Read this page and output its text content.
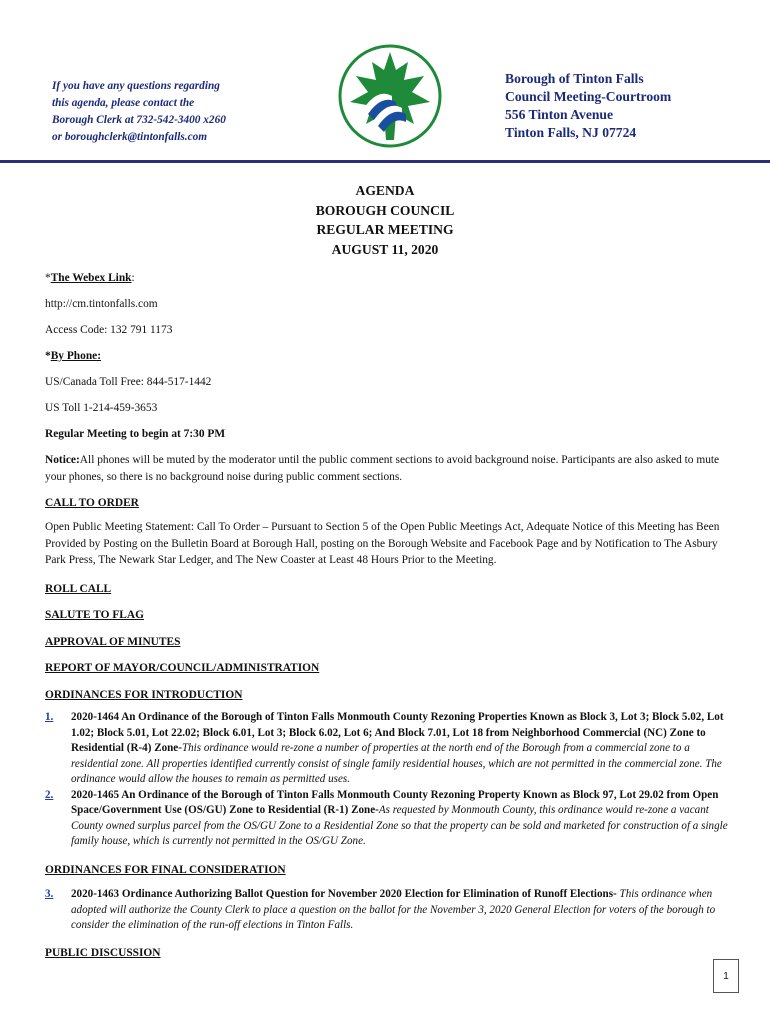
If you have any questions regarding
this agenda, please contact the
Borough Clerk at 732-542-3400 x260
or boroughclerk@tintonfalls.com
Borough of Tinton Falls
Council Meeting-Courtroom
556 Tinton Avenue
Tinton Falls, NJ 07724
AGENDA
BOROUGH COUNCIL
REGULAR MEETING
AUGUST 11, 2020
*The Webex Link:
http://cm.tintonfalls.com
Access Code: 132 791 1173
*By Phone:
US/Canada Toll Free: 844-517-1442
US Toll 1-214-459-3653
Regular Meeting to begin at 7:30 PM
Notice:All phones will be muted by the moderator until the public comment sections to avoid background noise. Participants are also asked to mute your phones, so there is no background noise during public comment sections.
CALL TO ORDER
Open Public Meeting Statement: Call To Order – Pursuant to Section 5 of the Open Public Meetings Act, Adequate Notice of this Meeting has Been Provided by Posting on the Bulletin Board at Borough Hall, posting on the Borough Website and Facebook Page and by Notification to The Asbury Park Press, The Newark Star Ledger, and The New Coaster at Least 48 Hours Prior to the Meeting.
ROLL CALL
SALUTE TO FLAG
APPROVAL OF MINUTES
REPORT OF MAYOR/COUNCIL/ADMINISTRATION
ORDINANCES FOR INTRODUCTION
1. 2020-1464 An Ordinance of the Borough of Tinton Falls Monmouth County Rezoning Properties Known as Block 3, Lot 3; Block 5.02, Lot 1.02; Block 5.01, Lot 22.02; Block 6.01, Lot 3; Block 6.02, Lot 6; And Block 7.01, Lot 18 from Neighborhood Commercial (NC) Zone to Residential (R-4) Zone-This ordinance would re-zone a number of properties at the north end of the Borough from a commercial zone to a residential zone. All properties identified currently consist of single family residential houses, which are not permitted in the commercial zone. The ordinance would allow the houses to remain as permitted uses.
2. 2020-1465 An Ordinance of the Borough of Tinton Falls Monmouth County Rezoning Property Known as Block 97, Lot 29.02 from Open Space/Government Use (OS/GU) Zone to Residential (R-1) Zone-As requested by Monmouth County, this ordinance would re-zone a vacant County owned surplus parcel from the OS/GU Zone to a Residential Zone so that the property can be sold and marketed for construction of a single family house, which is currently not permitted in the OS/GU Zone.
ORDINANCES FOR FINAL CONSIDERATION
3. 2020-1463 Ordinance Authorizing Ballot Question for November 2020 Election for Elimination of Runoff Elections- This ordinance when adopted will authorize the County Clerk to place a question on the ballot for the November 3, 2020 General Election for voters of the borough to consider the elimination of the run-off elections in Tinton Falls.
PUBLIC DISCUSSION
1
